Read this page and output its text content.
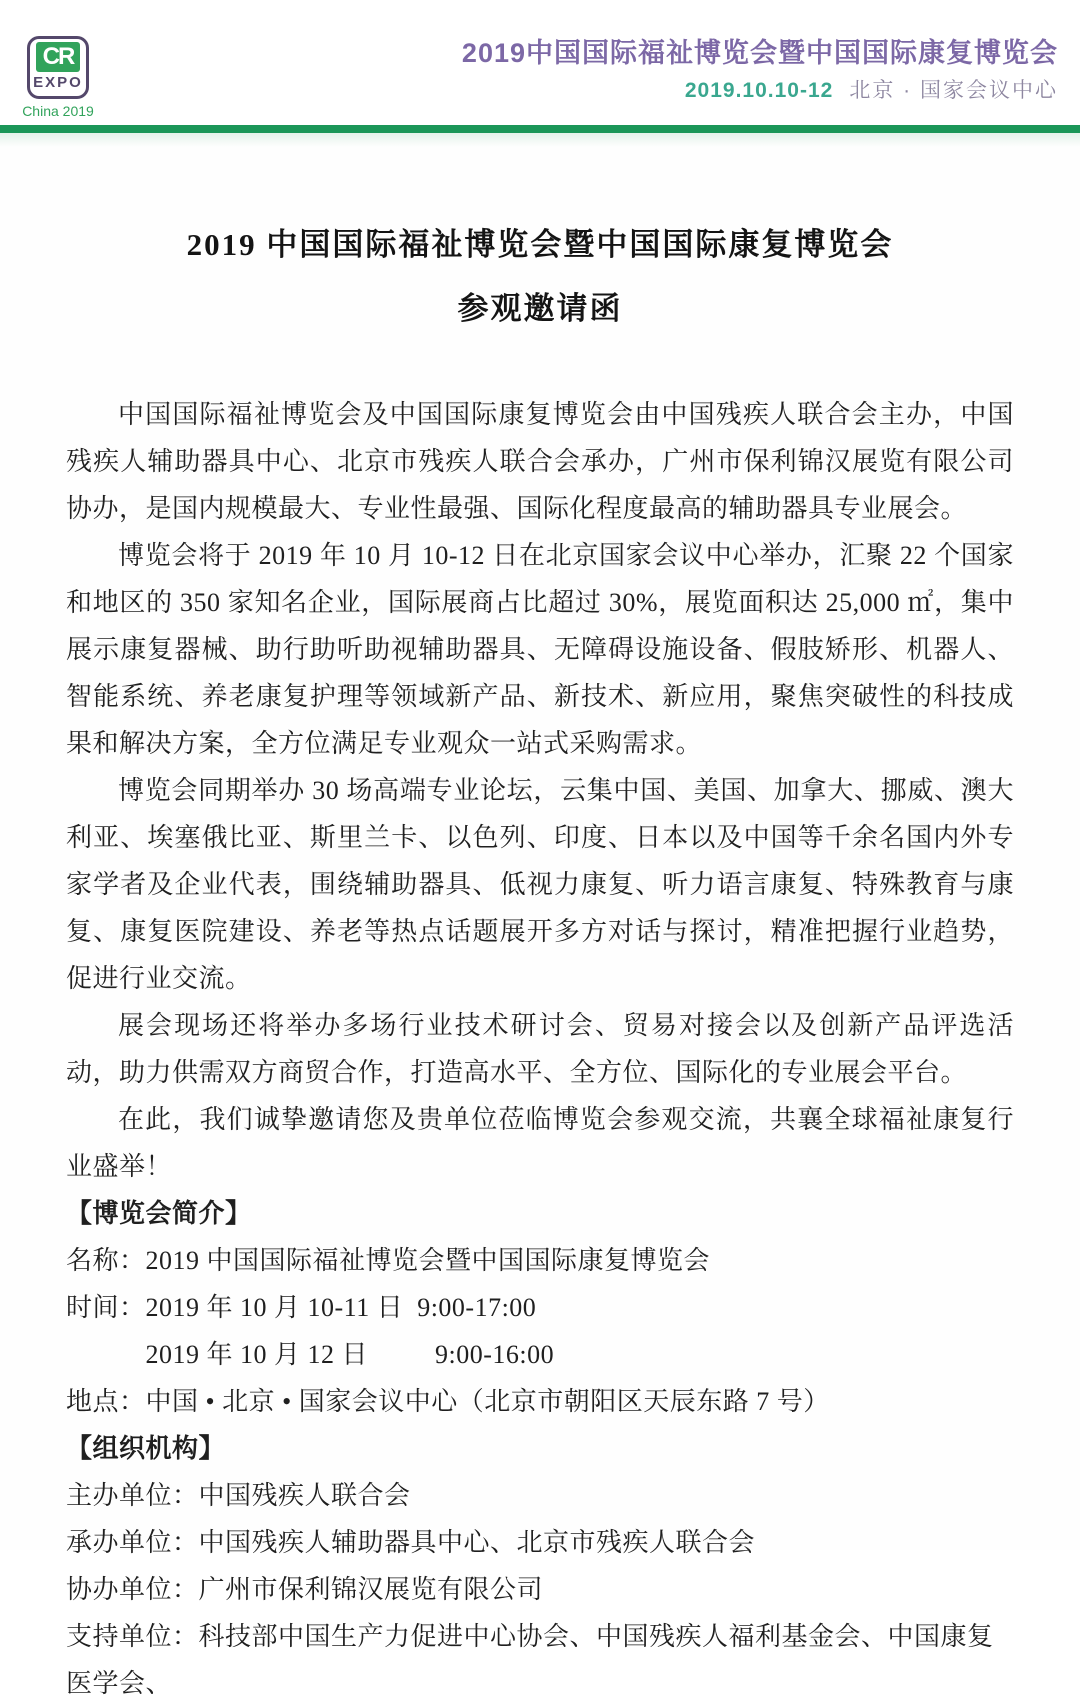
CR
EXPO
China 2019
2019中国国际福祉博览会暨中国国际康复博览会
2019.10.10-12 北京 · 国家会议中心
2019 中国国际福祉博览会暨中国国际康复博览会
参观邀请函

中国国际福祉博览会及中国国际康复博览会由中国残疾人联合会主办，中国残疾人辅助器具中心、北京市残疾人联合会承办，广州市保利锦汉展览有限公司协办，是国内规模最大、专业性最强、国际化程度最高的辅助器具专业展会。

博览会将于 2019 年 10 月 10-12 日在北京国家会议中心举办，汇聚 22 个国家和地区的 350 家知名企业，国际展商占比超过 30%，展览面积达 25,000 ㎡，集中展示康复器械、助行助听助视辅助器具、无障碍设施设备、假肢矫形、机器人、智能系统、养老康复护理等领域新产品、新技术、新应用，聚焦突破性的科技成果和解决方案，全方位满足专业观众一站式采购需求。

博览会同期举办 30 场高端专业论坛，云集中国、美国、加拿大、挪威、澳大利亚、埃塞俄比亚、斯里兰卡、以色列、印度、日本以及中国等千余名国内外专家学者及企业代表，围绕辅助器具、低视力康复、听力语言康复、特殊教育与康复、康复医院建设、养老等热点话题展开多方对话与探讨，精准把握行业趋势，促进行业交流。

展会现场还将举办多场行业技术研讨会、贸易对接会以及创新产品评选活动，助力供需双方商贸合作，打造高水平、全方位、国际化的专业展会平台。

在此，我们诚挚邀请您及贵单位莅临博览会参观交流，共襄全球福祉康复行业盛举！

【博览会简介】
名称：2019 中国国际福祉博览会暨中国国际康复博览会
时间：2019 年 10 月 10-11 日  9:00-17:00
　　　2019 年 10 月 12 日　　  9:00-16:00
地点：中国 • 北京 • 国家会议中心（北京市朝阳区天辰东路 7 号）
【组织机构】
主办单位：中国残疾人联合会
承办单位：中国残疾人辅助器具中心、北京市残疾人联合会
协办单位：广州市保利锦汉展览有限公司
支持单位：科技部中国生产力促进中心协会、中国残疾人福利基金会、中国康复医学会、
